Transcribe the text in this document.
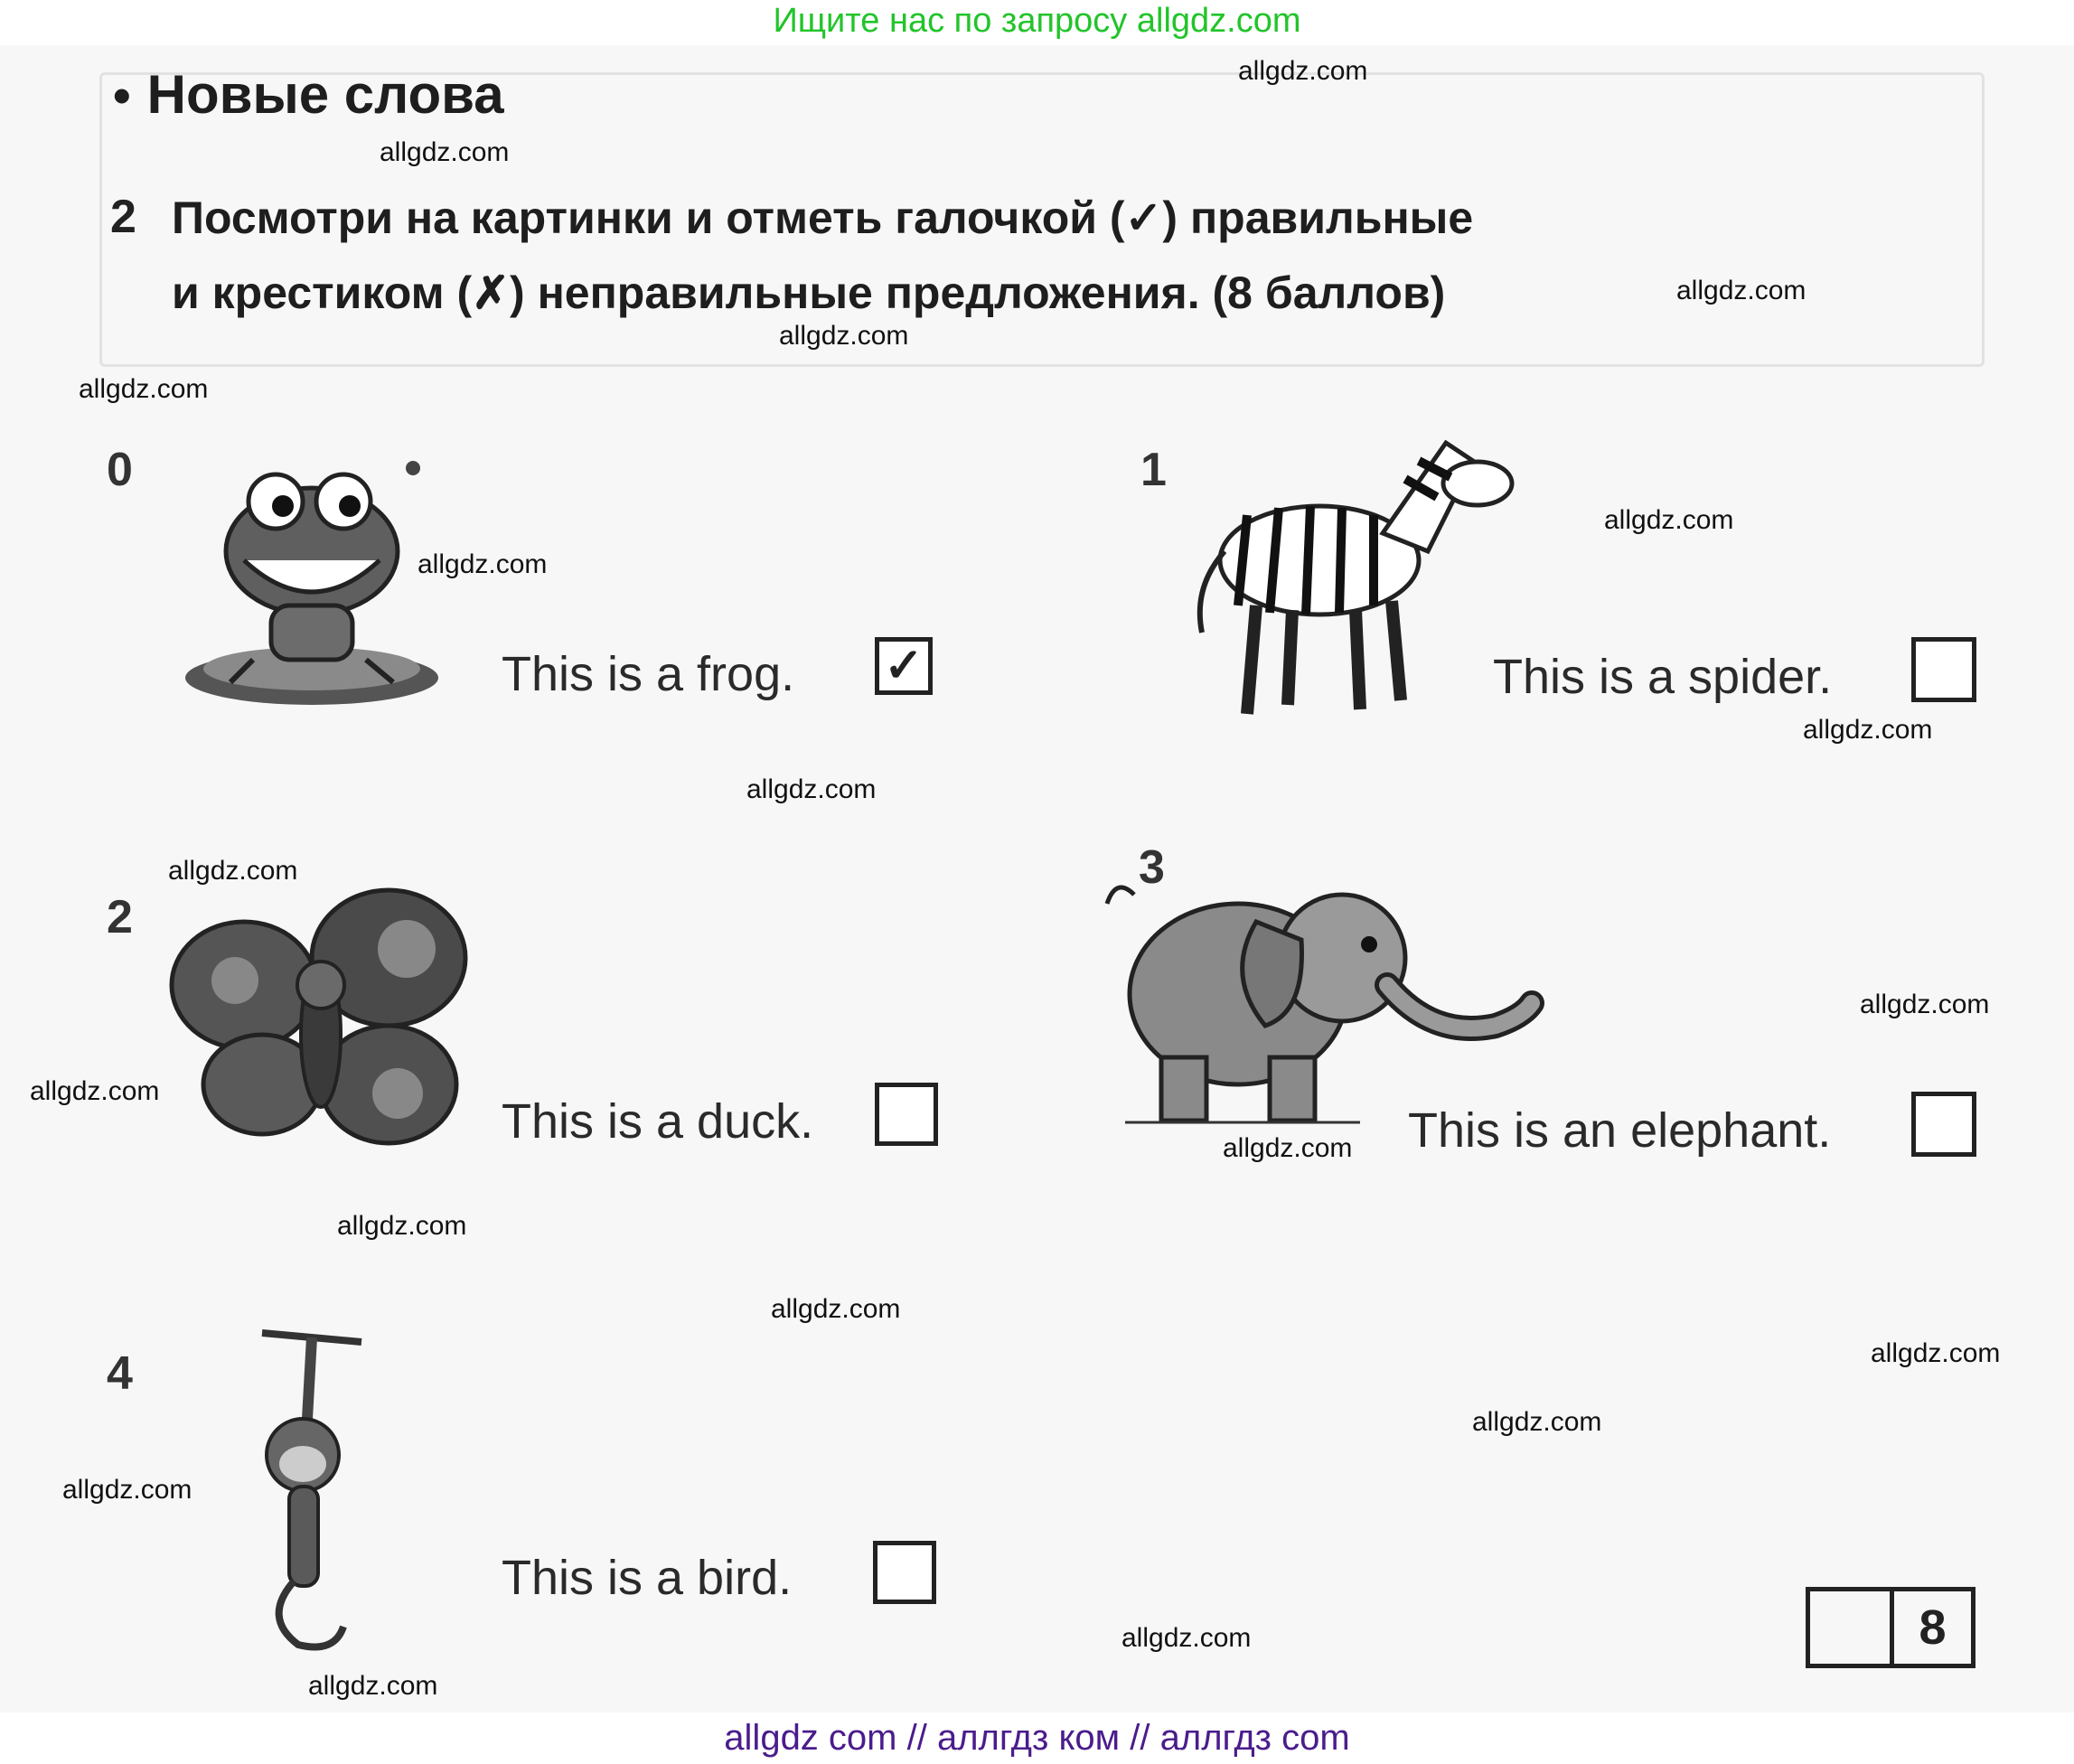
Ищите нас по запросу allgdz.com
• Новые слова
2 Посмотри на картинки и отметь галочкой (✓) правильные
и крестиком (✗) неправильные предложения. (8 баллов)
0
This is a frog. ✓
1
This is a spider.
2
This is a duck.
3
This is an elephant.
4
This is a bird.
8
allgdz.com
allgdz.com
allgdz.com
allgdz.com
allgdz.com
allgdz.com
allgdz.com
allgdz.com
allgdz.com
allgdz.com
allgdz.com
allgdz.com
allgdz.com
allgdz.com
allgdz.com
allgdz.com
allgdz.com
allgdz.com
allgdz.com
allgdz.com
allgdz com // аллгдз ком // аллгдз com
